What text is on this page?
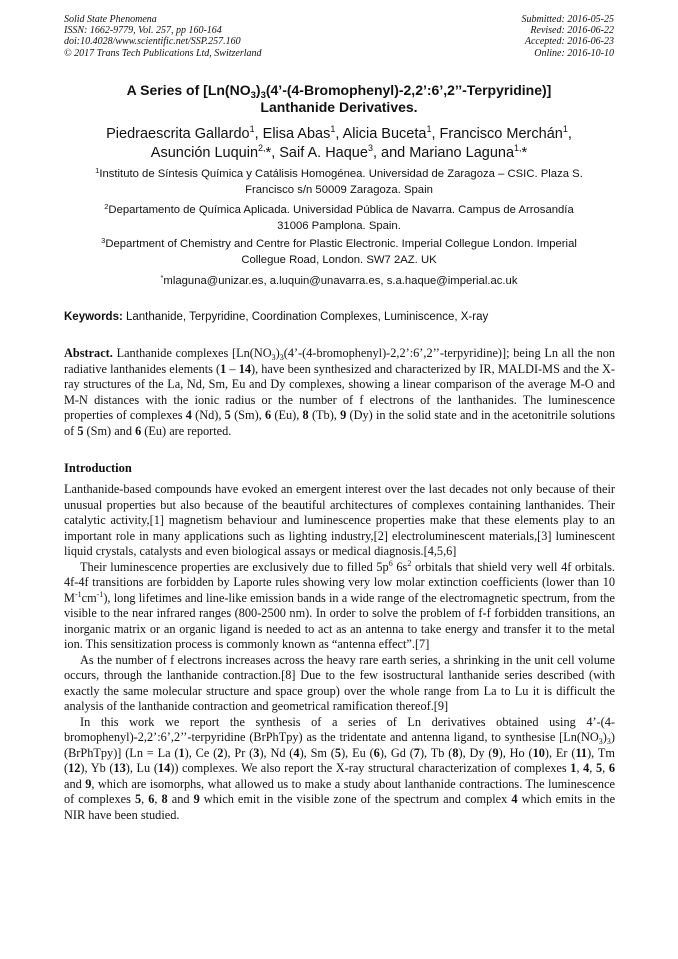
Solid State Phenomena
ISSN: 1662-9779, Vol. 257, pp 160-164
doi:10.4028/www.scientific.net/SSP.257.160
© 2017 Trans Tech Publications Ltd, Switzerland
Submitted: 2016-05-25
Revised: 2016-06-22
Accepted: 2016-06-23
Online: 2016-10-10
A Series of $[Ln(NO_3)_3(4’-(4-Bromophenyl)-2,2’:6’,2’’-Terpyridine)]$
Lanthanide Derivatives.
Piedraescrita Gallardo$^1$, Elisa Abas$^1$, Alicia Buceta$^1$, Francisco Merchán$^1$,
Asunción Luquin$^{2,}$*, Saif A. Haque$^3$, and Mariano Laguna$^{1,}$*
$^1$Instituto de Síntesis Química y Catálisis Homogénea. Universidad de Zaragoza – CSIC. Plaza S.
Francisco s/n 50009 Zaragoza. Spain
$^2$Departamento de Química Aplicada. Universidad Pública de Navarra. Campus de Arrosandía
31006 Pamplona. Spain.
$^3$Department of Chemistry and Centre for Plastic Electronic. Imperial Collegue London. Imperial
Collegue Road, London. SW7 2AZ. UK
*mlaguna@unizar.es, a.luquin@unavarra.es, s.a.haque@imperial.ac.uk
Keywords: Lanthanide, Terpyridine, Coordination Complexes, Luminiscence, X-ray

Abstract. Lanthanide complexes $[Ln(NO_3)_3(4’-(4-bromophenyl)-2,2’:6’,2’’-terpyridine)]$; being Ln all the non radiative lanthanides elements (1 – 14), have been synthesized and characterized by IR, MALDI-MS and the X-ray structures of the La, Nd, Sm, Eu and Dy complexes, showing a linear comparison of the average M-O and M-N distances with the ionic radius or the number of f electrons of the lanthanides. The luminescence properties of complexes 4 (Nd), 5 (Sm), 6 (Eu), 8 (Tb), 9 (Dy) in the solid state and in the acetonitrile solutions of 5 (Sm) and 6 (Eu) are reported.

Introduction

Lanthanide-based compounds have evoked an emergent interest over the last decades not only because of their unusual properties but also because of the beautiful architectures of complexes containing lanthanides. Their catalytic activity,[1] magnetism behaviour and luminescence properties make that these elements play to an important role in many applications such as lighting industry,[2] electroluminescent materials,[3] luminescent liquid crystals, catalysts and even biological assays or medical diagnosis.[4,5,6]

Their luminescence properties are exclusively due to filled $5p^6$ $6s^2$ orbitals that shield very well 4f orbitals. 4f-4f transitions are forbidden by Laporte rules showing very low molar extinction coefficients (lower than 10 $M^{-1}cm^{-1}$), long lifetimes and line-like emission bands in a wide range of the electromagnetic spectrum, from the visible to the near infrared ranges (800-2500 nm). In order to solve the problem of f-f forbidden transitions, an inorganic matrix or an organic ligand is needed to act as an antenna to take energy and transfer it to the metal ion. This sensitization process is commonly known as “antenna effect”.[7]

As the number of f electrons increases across the heavy rare earth series, a shrinking in the unit cell volume occurs, through the lanthanide contraction.[8] Due to the few isostructural lanthanide series described (with exactly the same molecular structure and space group) over the whole range from La to Lu it is difficult the analysis of the lanthanide contraction and geometrical ramification thereof.[9]

In this work we report the synthesis of a series of Ln derivatives obtained using 4’-(4-bromophenyl)-2,2’:6’,2’’-terpyridine (BrPhTpy) as the tridentate and antenna ligand, to synthesise $[Ln(NO_3)_3)(BrPhTpy)] (Ln = La$ (1), Ce (2), Pr (3), Nd (4), Sm (5), Eu (6), Gd (7), Tb (8), Dy (9), Ho (10), Er (11), Tm (12), Yb (13), Lu (14)) complexes. We also report the X-ray structural characterization of complexes 1, 4, 5, 6 and 9, which are isomorphs, what allowed us to make a study about lanthanide contractions. The luminescence of complexes 5, 6, 8 and 9 which emit in the visible zone of the spectrum and complex 4 which emits in the NIR have been studied.
